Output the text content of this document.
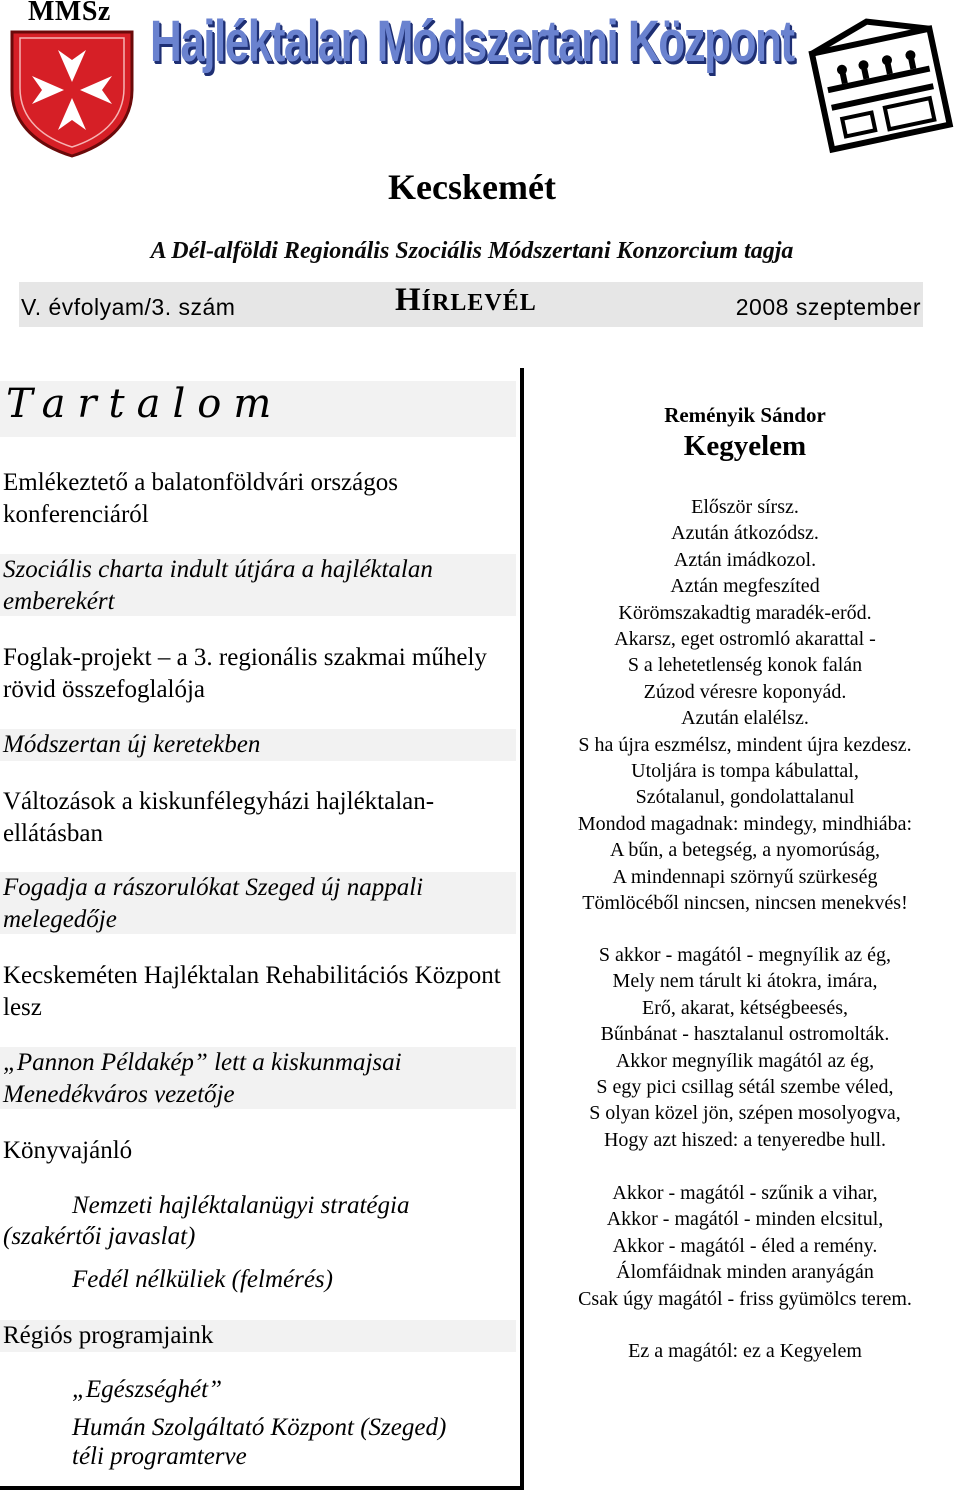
MMSz Hajléktalan Módszertani Központ
Kecskemét
A Dél-alföldi Regionális Szociális Módszertani Konzorcium tagja
V. évfolyam/3. szám	HÍRLEVÉL	2008 szeptember
Tartalom
Emlékeztető a balatonföldvári országos konferenciáról
Szociális charta indult útjára a hajléktalan emberekért
Foglak-projekt – a 3. regionális szakmai műhely rövid összefoglalója
Módszertan új keretekben
Változások a kiskunfélegyházi hajléktalan-ellátásban
Fogadja a rászorulókat Szeged új nappali melegedője
Kecskeméten Hajléktalan Rehabilitációs Központ lesz
„Pannon Példakép” lett a kiskunmajsai Menedékváros vezetője
Könyvajánló
Nemzeti hajléktalanügyi stratégia
(szakértői javaslat)
Fedél nélküliek (felmérés)
Régiós programjaink
„Egészséghét”
Humán Szolgáltató Központ (Szeged) téli programterve
Reményik Sándor
Kegyelem
Először sírsz.
Azután átkozódsz.
Aztán imádkozol.
Aztán megfeszíted
Körömszakadtig maradék-erőd.
Akarsz, eget ostromló akarattal -
S a lehetetlenség konok falán
Zúzod véresre koponyád.
Azután elalélsz.
S ha újra eszmélsz, mindent újra kezdesz.
Utoljára is tompa kábulattal,
Szótalanul, gondolattalanul
Mondod magadnak: mindegy, mindhiába:
A bűn, a betegség, a nyomorúság,
A mindennapi szörnyű szürkeség
Tömlöcéből nincsen, nincsen menekvés!
S akkor - magától - megnyílik az ég,
Mely nem tárult ki átokra, imára,
Erő, akarat, kétségbeesés,
Bűnbánat - hasztalanul ostromolták.
Akkor megnyílik magától az ég,
S egy pici csillag sétál szembe véled,
S olyan közel jön, szépen mosolyogva,
Hogy azt hiszed: a tenyeredbe hull.
Akkor - magától - szűnik a vihar,
Akkor - magától - minden elcsitul,
Akkor - magától - éled a remény.
Álomfáidnak minden aranyágán
Csak úgy magától - friss gyümölcs terem.
Ez a magától: ez a Kegyelem
